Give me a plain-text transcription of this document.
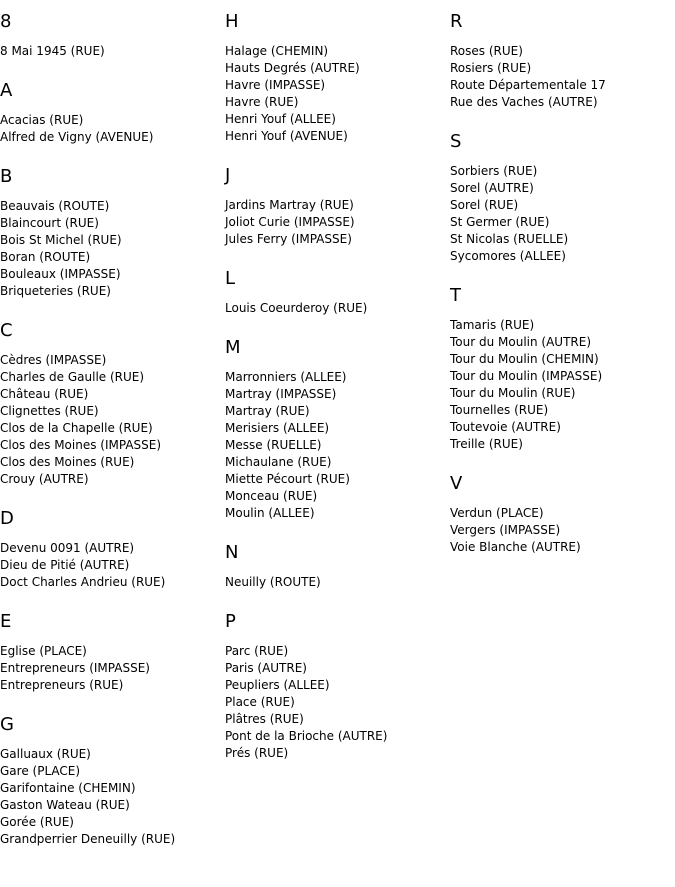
8
8 Mai 1945 (RUE)
A
Acacias (RUE)
Alfred de Vigny (AVENUE)
B
Beauvais (ROUTE)
Blaincourt (RUE)
Bois St Michel (RUE)
Boran (ROUTE)
Bouleaux (IMPASSE)
Briqueteries (RUE)
C
Cèdres (IMPASSE)
Charles de Gaulle (RUE)
Château (RUE)
Clignettes (RUE)
Clos de la Chapelle (RUE)
Clos des Moines (IMPASSE)
Clos des Moines (RUE)
Crouy (AUTRE)
D
Devenu 0091 (AUTRE)
Dieu de Pitié (AUTRE)
Doct Charles Andrieu (RUE)
E
Eglise (PLACE)
Entrepreneurs (IMPASSE)
Entrepreneurs (RUE)
G
Galluaux (RUE)
Gare (PLACE)
Garifontaine (CHEMIN)
Gaston Wateau (RUE)
Gorée (RUE)
Grandperrier Deneuilly (RUE)
H
Halage (CHEMIN)
Hauts Degrés (AUTRE)
Havre (IMPASSE)
Havre (RUE)
Henri Youf (ALLEE)
Henri Youf (AVENUE)
J
Jardins Martray (RUE)
Joliot Curie (IMPASSE)
Jules Ferry (IMPASSE)
L
Louis Coeurderoy (RUE)
M
Marronniers (ALLEE)
Martray (IMPASSE)
Martray (RUE)
Merisiers (ALLEE)
Messe (RUELLE)
Michaulane (RUE)
Miette Pécourt (RUE)
Monceau (RUE)
Moulin (ALLEE)
N
Neuilly (ROUTE)
P
Parc (RUE)
Paris (AUTRE)
Peupliers (ALLEE)
Place (RUE)
Plâtres (RUE)
Pont de la Brioche (AUTRE)
Prés (RUE)
R
Roses (RUE)
Rosiers (RUE)
Route Départementale 17
Rue des Vaches (AUTRE)
S
Sorbiers (RUE)
Sorel (AUTRE)
Sorel (RUE)
St Germer (RUE)
St Nicolas (RUELLE)
Sycomores (ALLEE)
T
Tamaris (RUE)
Tour du Moulin (AUTRE)
Tour du Moulin (CHEMIN)
Tour du Moulin (IMPASSE)
Tour du Moulin (RUE)
Tournelles (RUE)
Toutevoie (AUTRE)
Treille (RUE)
V
Verdun (PLACE)
Vergers (IMPASSE)
Voie Blanche (AUTRE)
